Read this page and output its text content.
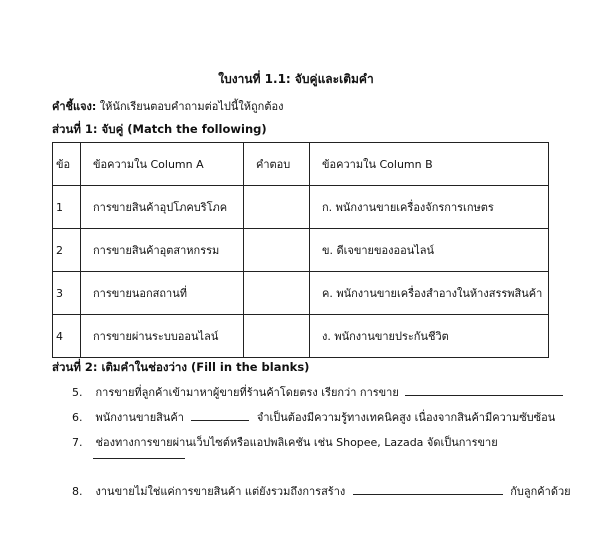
ใบงานที่ 1.1: จับคู่และเติมคำ
คำชี้แจง: ให้นักเรียนตอบคำถามต่อไปนี้ให้ถูกต้อง
ส่วนที่ 1: จับคู่ (Match the following)
ข้อ	ข้อความใน Column A	คำตอบ	ข้อความใน Column B
1	การขายสินค้าอุปโภคบริโภค		ก. พนักงานขายเครื่องจักรการเกษตร
2	การขายสินค้าอุตสาหกรรม		ข. ดีเจขายของออนไลน์
3	การขายนอกสถานที่		ค. พนักงานขายเครื่องสำอางในห้างสรรพสินค้า
4	การขายผ่านระบบออนไลน์		ง. พนักงานขายประกันชีวิต
ส่วนที่ 2: เติมคำในช่องว่าง (Fill in the blanks)
5. การขายที่ลูกค้าเข้ามาหาผู้ขายที่ร้านค้าโดยตรง เรียกว่า การขาย
6. พนักงานขายสินค้า	จำเป็นต้องมีความรู้ทางเทคนิคสูง เนื่องจากสินค้ามีความซับซ้อน
7. ช่องทางการขายผ่านเว็บไซต์หรือแอปพลิเคชัน เช่น Shopee, Lazada จัดเป็นการขาย
8. งานขายไม่ใช่แค่การขายสินค้า แต่ยังรวมถึงการสร้าง	กับลูกค้าด้วย
